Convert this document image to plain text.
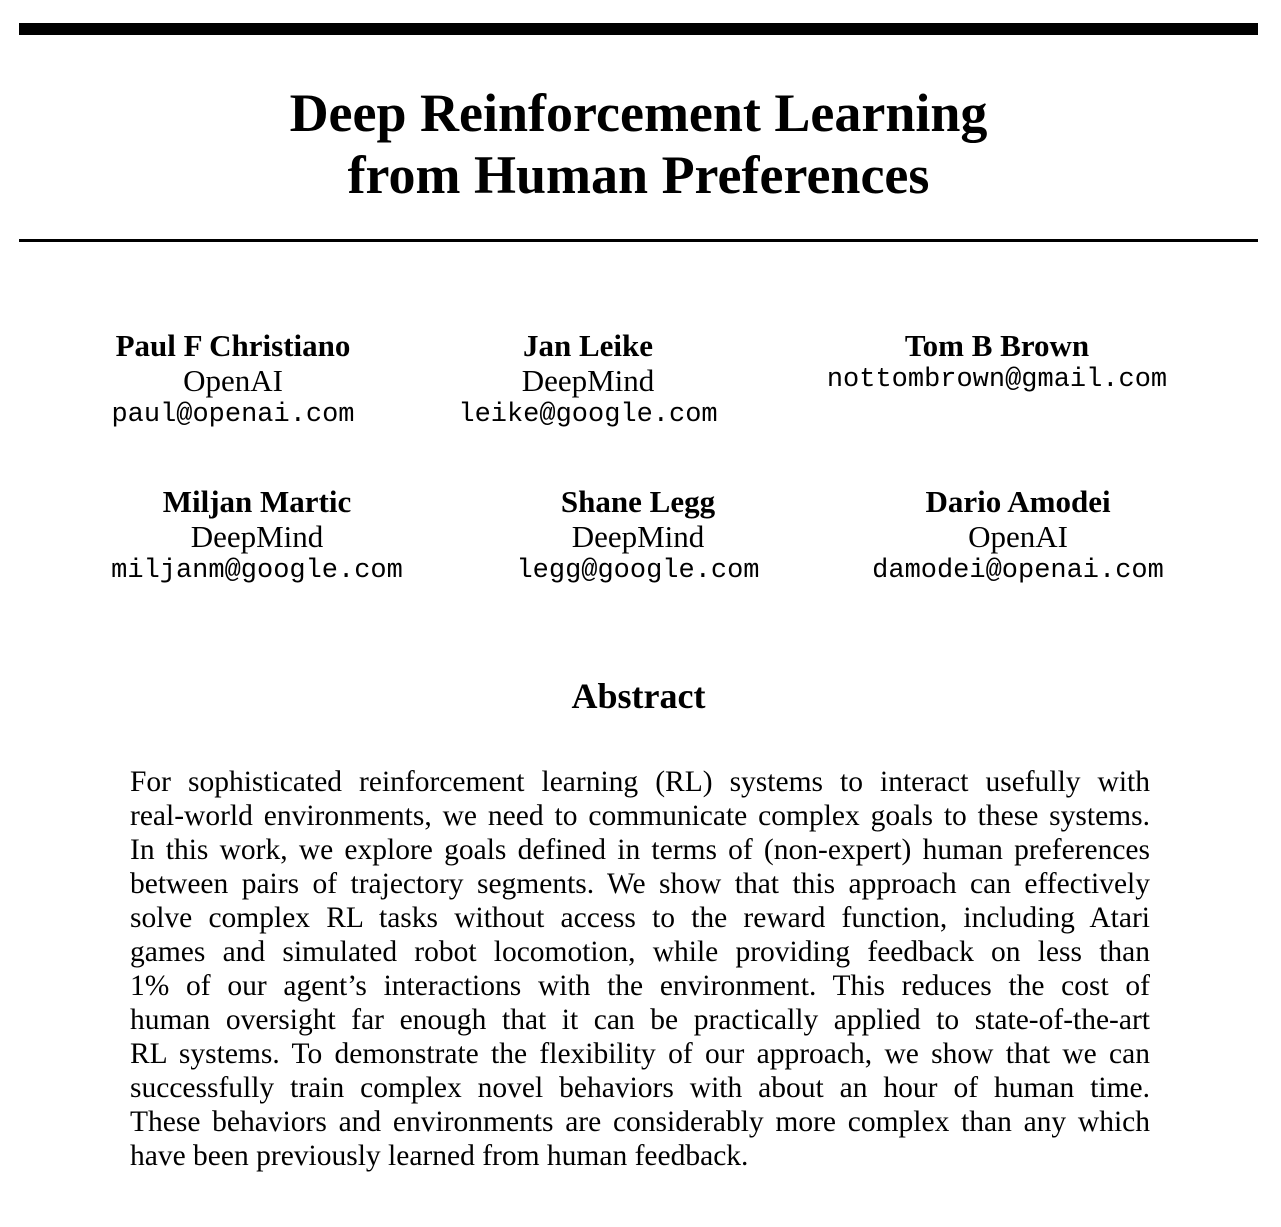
Deep Reinforcement Learning
from Human Preferences
Paul F Christiano
OpenAI
paul@openai.com
Jan Leike
DeepMind
leike@google.com
Tom B Brown
nottombrown@gmail.com
Miljan Martic
DeepMind
miljanm@google.com
Shane Legg
DeepMind
legg@google.com
Dario Amodei
OpenAI
damodei@openai.com
Abstract
For sophisticated reinforcement learning (RL) systems to interact usefully with
real-world environments, we need to communicate complex goals to these systems.
In this work, we explore goals defined in terms of (non-expert) human preferences
between pairs of trajectory segments. We show that this approach can effectively
solve complex RL tasks without access to the reward function, including Atari
games and simulated robot locomotion, while providing feedback on less than
1% of our agent’s interactions with the environment. This reduces the cost of
human oversight far enough that it can be practically applied to state-of-the-art
RL systems. To demonstrate the flexibility of our approach, we show that we can
successfully train complex novel behaviors with about an hour of human time.
These behaviors and environments are considerably more complex than any which
have been previously learned from human feedback.
